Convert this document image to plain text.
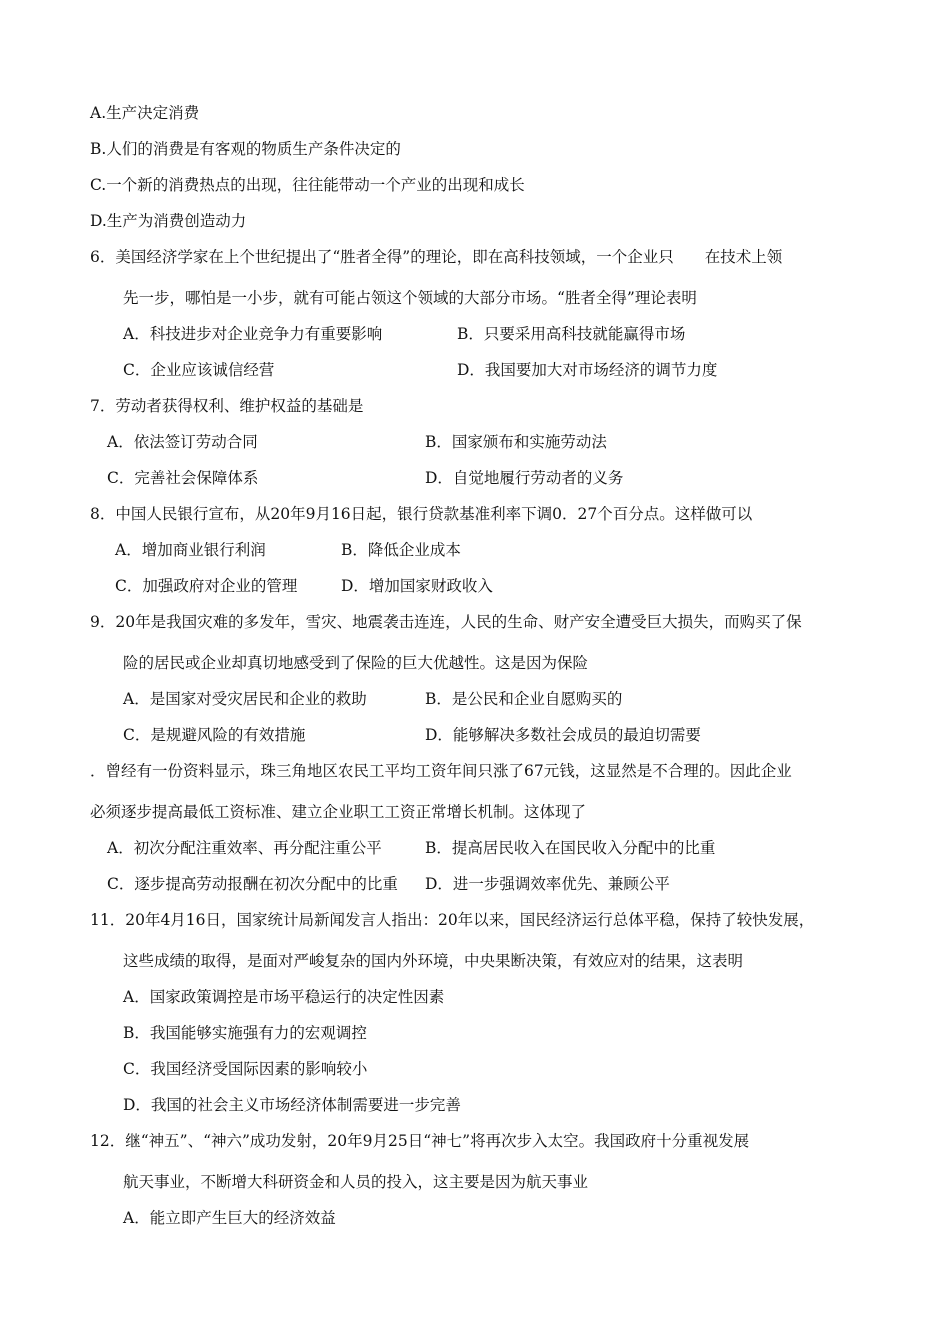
A.生产决定消费

B.人们的消费是有客观的物质生产条件决定的

C.一个新的消费热点的出现，往往能带动一个产业的出现和成长

D.生产为消费创造动力

6．美国经济学家在上个世纪提出了“胜者全得”的理论，即在高科技领域，一个企业只　　在技术上领

先一步，哪怕是一小步，就有可能占领这个领域的大部分市场。“胜者全得”理论表明

A．科技进步对企业竞争力有重要影响	B．只要采用高科技就能赢得市场

C．企业应该诚信经营	D．我国要加大对市场经济的调节力度

7．劳动者获得权利、维护权益的基础是

A．依法签订劳动合同	B．国家颁布和实施劳动法

C．完善社会保障体系	D．自觉地履行劳动者的义务

8．中国人民银行宣布，从20年9月16日起，银行贷款基准利率下调0．27个百分点。这样做可以

A．增加商业银行利润	B．降低企业成本

C．加强政府对企业的管理	D．增加国家财政收入

9．20年是我国灾难的多发年，雪灾、地震袭击连连，人民的生命、财产安全遭受巨大损失，而购买了保

险的居民或企业却真切地感受到了保险的巨大优越性。这是因为保险

A．是国家对受灾居民和企业的救助	B．是公民和企业自愿购买的

C．是规避风险的有效措施	D．能够解决多数社会成员的最迫切需要

．曾经有一份资料显示，珠三角地区农民工平均工资年间只涨了67元钱，这显然是不合理的。因此企业

必须逐步提高最低工资标准、建立企业职工工资正常增长机制。这体现了

A．初次分配注重效率、再分配注重公平	B．提高居民收入在国民收入分配中的比重

C．逐步提高劳动报酬在初次分配中的比重 D．进一步强调效率优先、兼顾公平

11．20年4月16日，国家统计局新闻发言人指出：20年以来，国民经济运行总体平稳，保持了较快发展，

这些成绩的取得，是面对严峻复杂的国内外环境，中央果断决策，有效应对的结果，这表明

A．国家政策调控是市场平稳运行的决定性因素

B．我国能够实施强有力的宏观调控

C．我国经济受国际因素的影响较小

D．我国的社会主义市场经济体制需要进一步完善

12．继“神五”、“神六”成功发射，20年9月25日“神七”将再次步入太空。我国政府十分重视发展

航天事业，不断增大科研资金和人员的投入，这主要是因为航天事业

A．能立即产生巨大的经济效益
